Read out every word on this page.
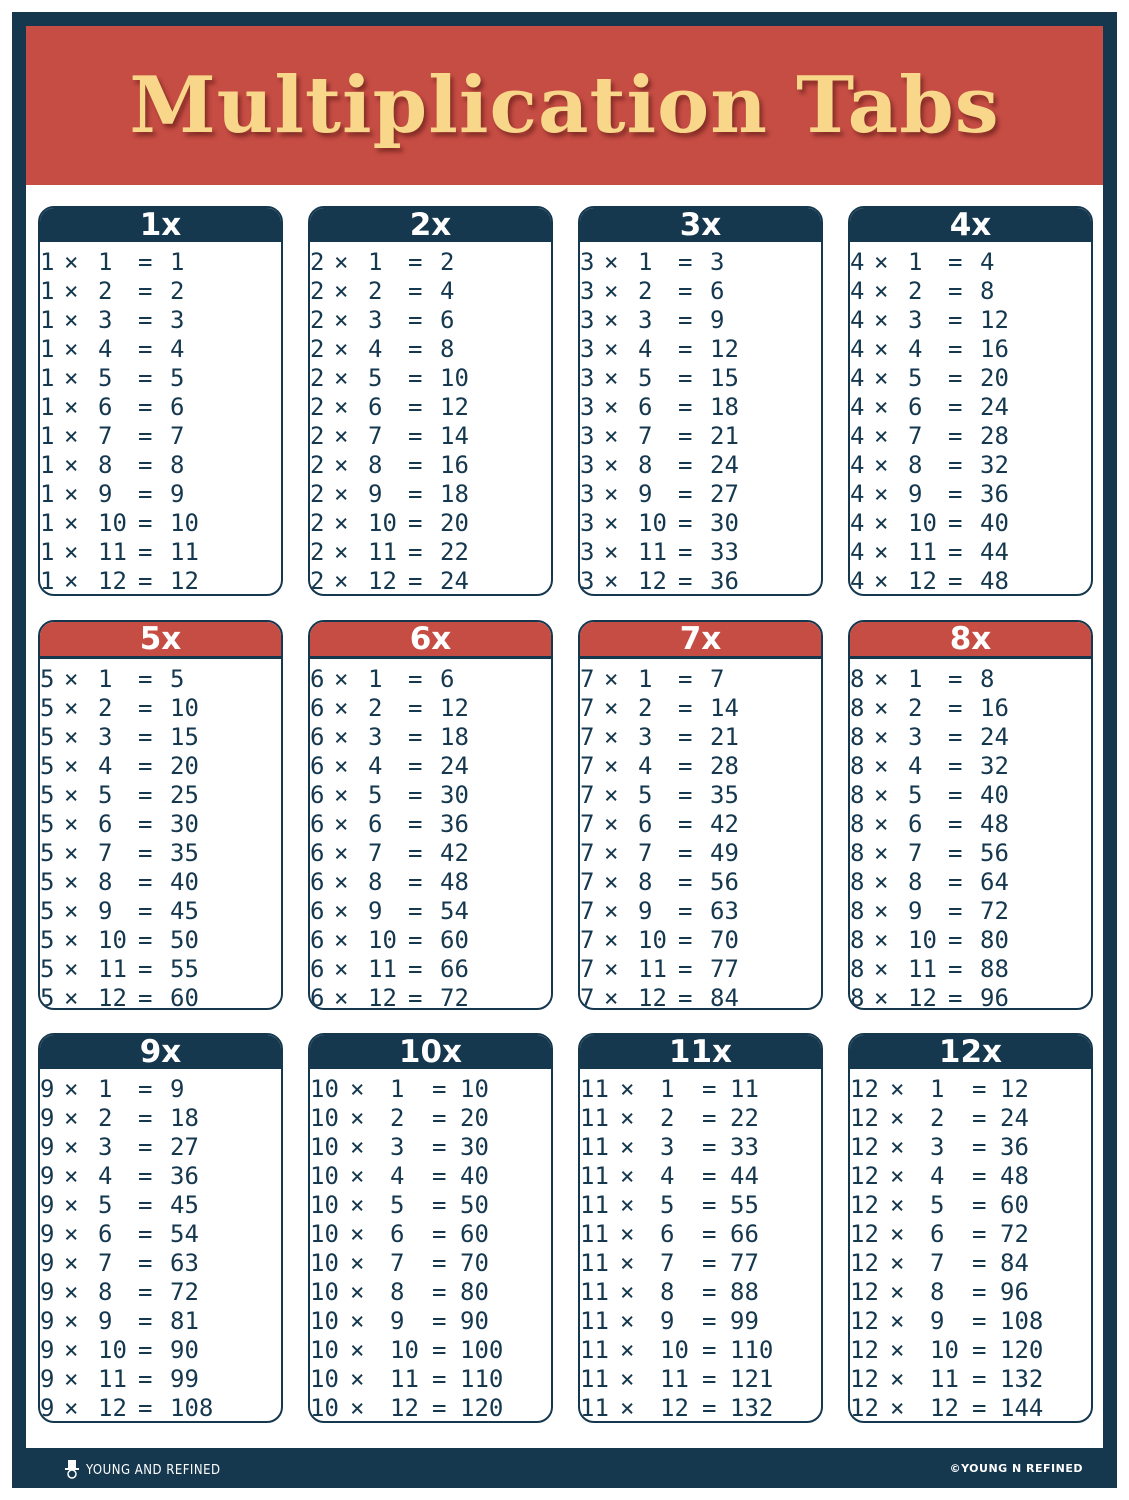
Multiplication Tabs
1x
1 × 1	= 1
1 × 2	= 2
1 × 3	= 3
1 × 4	= 4
1 × 5	= 5
1 × 6	= 6
1 × 7	= 7
1 × 8	= 8
1 × 9	= 9
1 × 10 = 10
1 × 11 = 11
1 × 12 = 12
2x
2 × 1	= 2
2 × 2	= 4
2 × 3	= 6
2 × 4	= 8
2 × 5	= 10
2 × 6	= 12
2 × 7	= 14
2 × 8	= 16
2 × 9	= 18
2 × 10 = 20
2 × 11 = 22
2 × 12 = 24
3x
3 × 1	= 3
3 × 2	= 6
3 × 3	= 9
3 × 4	= 12
3 × 5	= 15
3 × 6	= 18
3 × 7	= 21
3 × 8	= 24
3 × 9	= 27
3 × 10 = 30
3 × 11 = 33
3 × 12 = 36
4x
4 × 1	= 4
4 × 2	= 8
4 × 3	= 12
4 × 4	= 16
4 × 5	= 20
4 × 6	= 24
4 × 7	= 28
4 × 8	= 32
4 × 9	= 36
4 × 10 = 40
4 × 11 = 44
4 × 12 = 48
5x
5 × 1	= 5
5 × 2	= 10
5 × 3	= 15
5 × 4	= 20
5 × 5	= 25
5 × 6	= 30
5 × 7	= 35
5 × 8	= 40
5 × 9	= 45
5 × 10 = 50
5 × 11 = 55
5 × 12 = 60
6x
6 × 1	= 6
6 × 2	= 12
6 × 3	= 18
6 × 4	= 24
6 × 5	= 30
6 × 6	= 36
6 × 7	= 42
6 × 8	= 48
6 × 9	= 54
6 × 10 = 60
6 × 11 = 66
6 × 12 = 72
7x
7 × 1	= 7
7 × 2	= 14
7 × 3	= 21
7 × 4	= 28
7 × 5	= 35
7 × 6	= 42
7 × 7	= 49
7 × 8	= 56
7 × 9	= 63
7 × 10 = 70
7 × 11 = 77
7 × 12 = 84
8x
8 × 1	= 8
8 × 2	= 16
8 × 3	= 24
8 × 4	= 32
8 × 5	= 40
8 × 6	= 48
8 × 7	= 56
8 × 8	= 64
8 × 9	= 72
8 × 10 = 80
8 × 11 = 88
8 × 12 = 96
9x
9 × 1	= 9
9 × 2	= 18
9 × 3	= 27
9 × 4	= 36
9 × 5	= 45
9 × 6	= 54
9 × 7	= 63
9 × 8	= 72
9 × 9	= 81
9 × 10 = 90
9 × 11 = 99
9 × 12 = 108
10x
10 ×	1	= 10
10 ×	2	= 20
10 ×	3	= 30
10 ×	4	= 40
10 ×	5	= 50
10 ×	6	= 60
10 ×	7	= 70
10 ×	8	= 80
10 ×	9	= 90
10 ×	10 = 100
10 ×	11 = 110
10 ×	12 = 120
11x
11 ×	1	= 11
11 ×	2	= 22
11 ×	3	= 33
11 ×	4	= 44
11 ×	5	= 55
11 ×	6	= 66
11 ×	7	= 77
11 ×	8	= 88
11 ×	9	= 99
11 ×	10 = 110
11 ×	11 = 121
11 ×	12 = 132
12x
12 ×	1	= 12
12 ×	2	= 24
12 ×	3	= 36
12 ×	4	= 48
12 ×	5	= 60
12 ×	6	= 72
12 ×	7	= 84
12 ×	8	= 96
12 ×	9	= 108
12 ×	10 = 120
12 ×	11 = 132
12 ×	12 = 144
YOUNG AND REFINED	©YOUNG N REFINED
